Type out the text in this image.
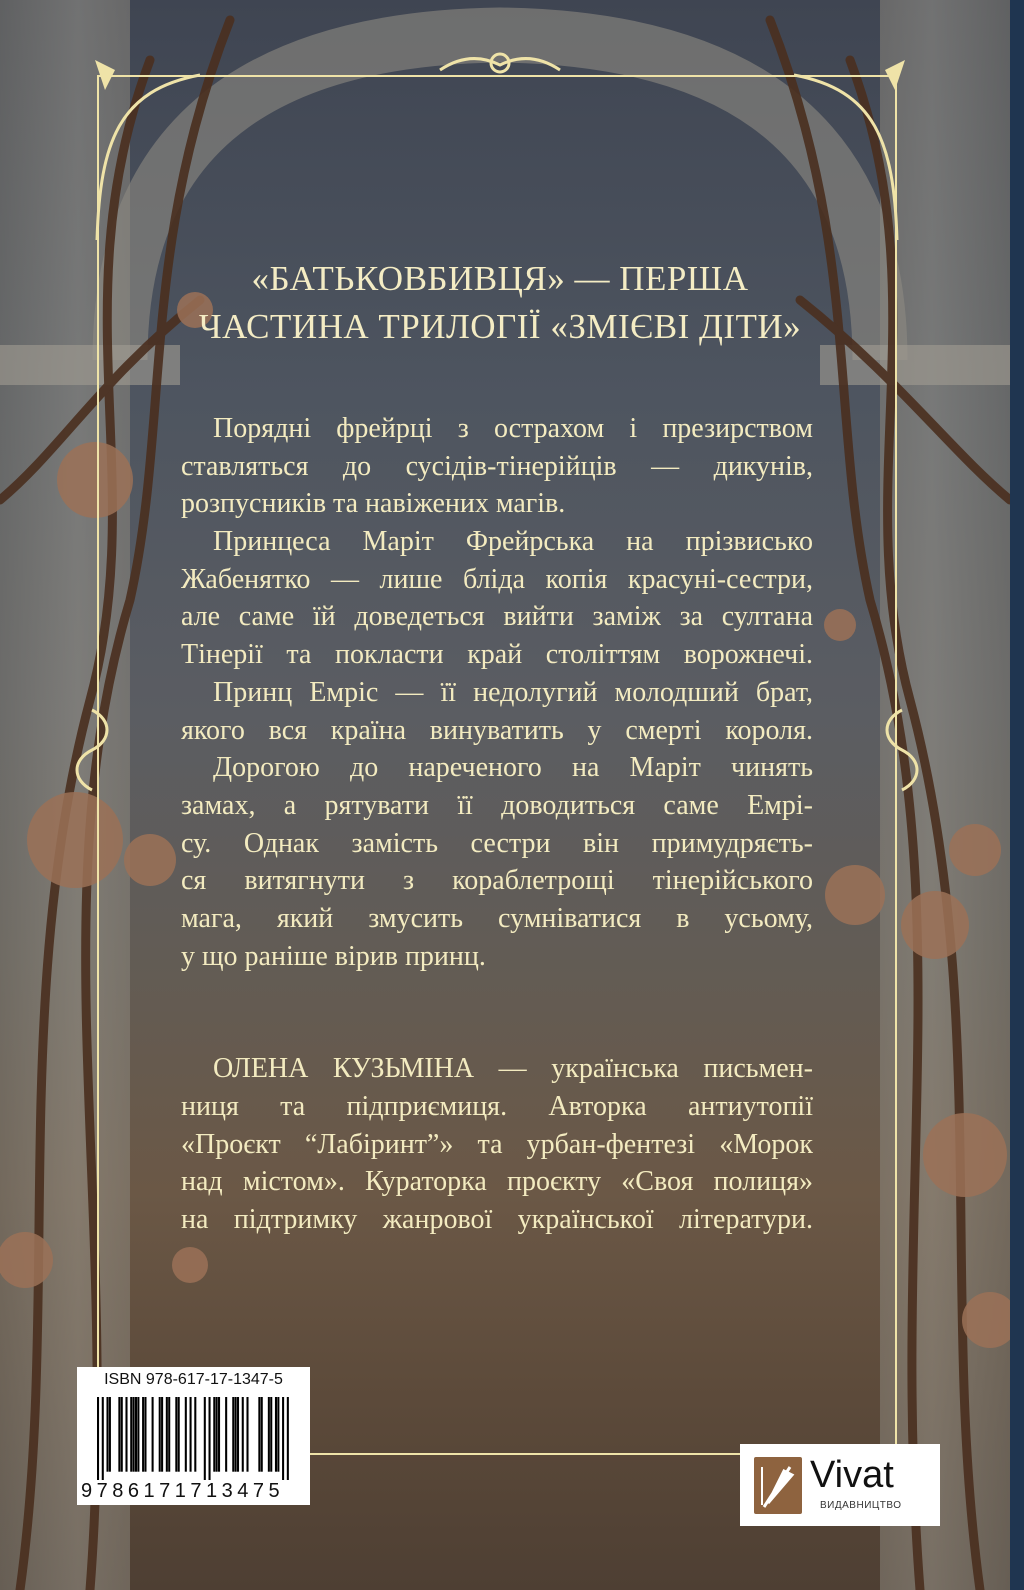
«БАТЬКОВБИВЦЯ» — ПЕРША
ЧАСТИНА ТРИЛОГІЇ «ЗМІЄВІ ДІТИ»
Порядні фрейрці з острахом і презирством
ставляться до сусідів-тінерійців — дикунів,
розпусників та навіжених магів.
Принцеса Маріт Фрейрська на прізвисько
Жабенятко — лише бліда копія красуні-сестри,
але саме їй доведеться вийти заміж за султана
Тінерії та покласти край століттям ворожнечі.
Принц Емріс — її недолугий молодший брат,
якого вся країна винуватить у смерті короля.
Дорогою до нареченого на Маріт чинять
замах, а рятувати її доводиться саме Емрі-
су. Однак замість сестри він примудряєть-
ся витягнути з кораблетрощі тінерійського
мага, який змусить сумніватися в усьому,
у що раніше вірив принц.
ОЛЕНА КУЗЬМІНА — українська письмен-
ниця та підприємиця. Авторка антиутопії
«Проєкт “Лабіринт”» та урбан-фентезі «Морок
над містом». Кураторка проєкту «Своя полиця»
на підтримку жанрової української літератури.
ISBN 978-617-17-1347-5
9786171713475	Vivat
ВИДАВНИЦТВО
